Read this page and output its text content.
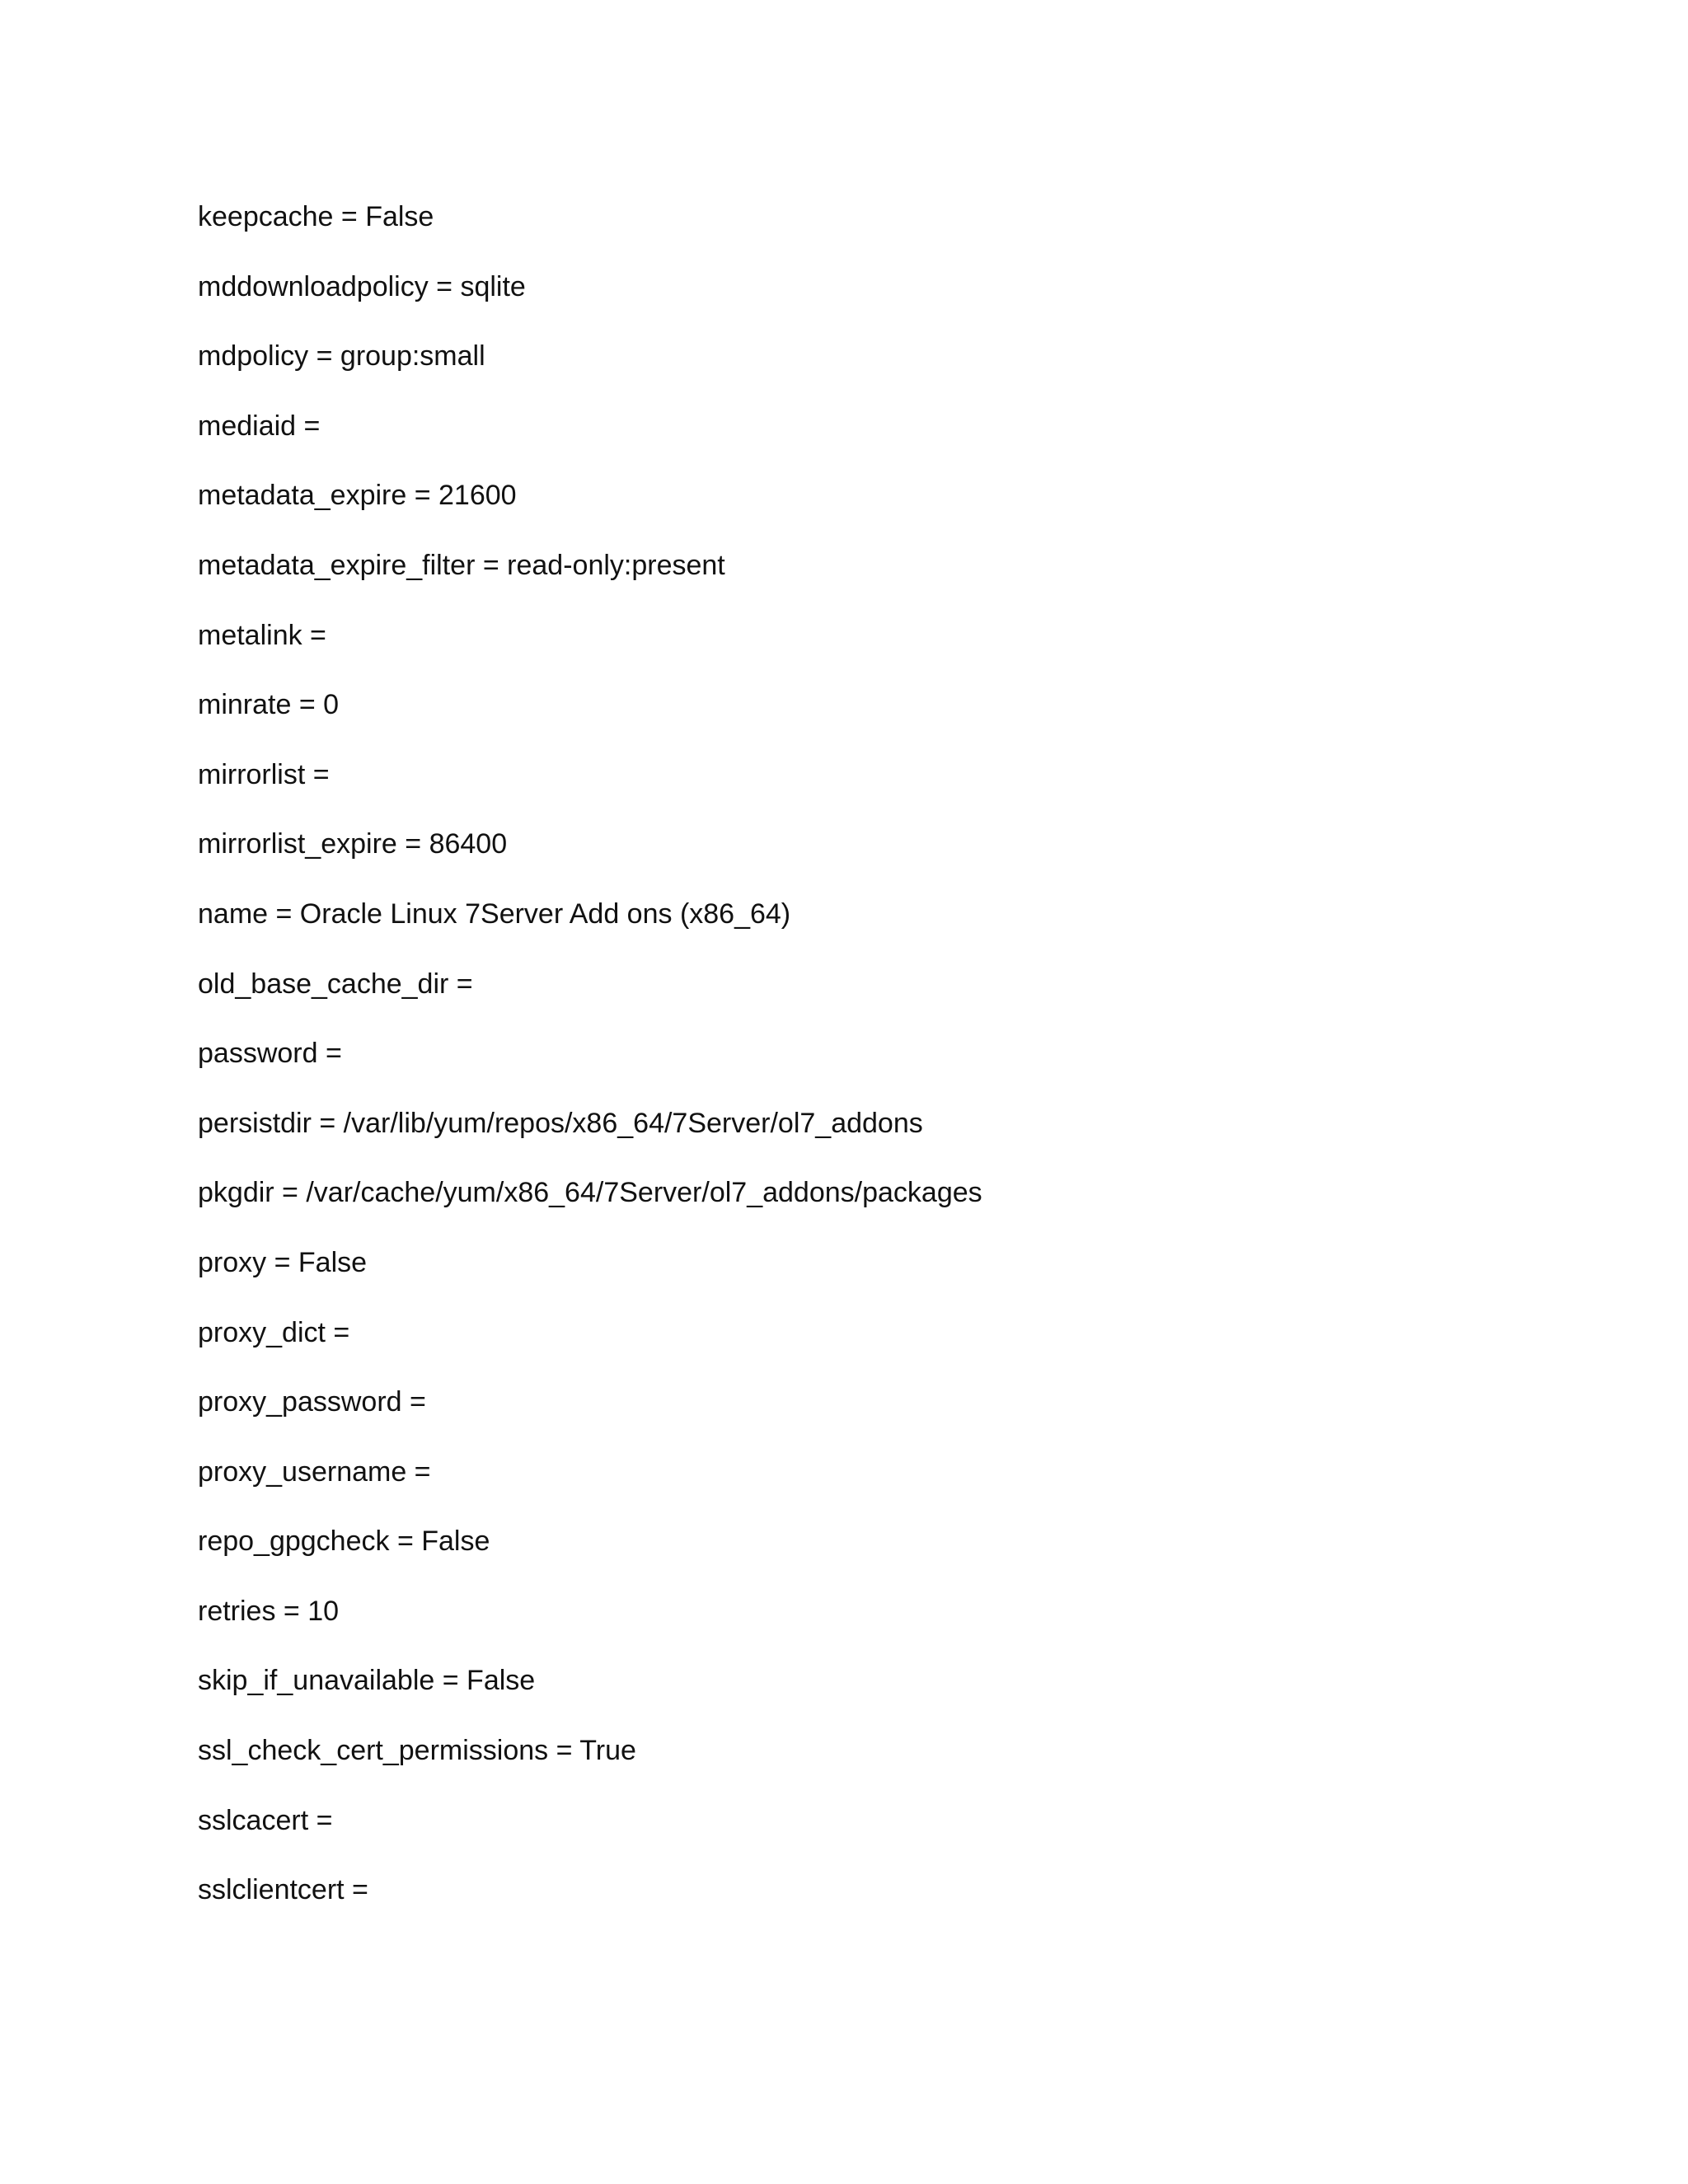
keepcache = False
mddownloadpolicy = sqlite
mdpolicy = group:small
mediaid =
metadata_expire = 21600
metadata_expire_filter = read-only:present
metalink =
minrate = 0
mirrorlist =
mirrorlist_expire = 86400
name = Oracle Linux 7Server Add ons (x86_64)
old_base_cache_dir =
password =
persistdir = /var/lib/yum/repos/x86_64/7Server/ol7_addons
pkgdir = /var/cache/yum/x86_64/7Server/ol7_addons/packages
proxy = False
proxy_dict =
proxy_password =
proxy_username =
repo_gpgcheck = False
retries = 10
skip_if_unavailable = False
ssl_check_cert_permissions = True
sslcacert =
sslclientcert =
